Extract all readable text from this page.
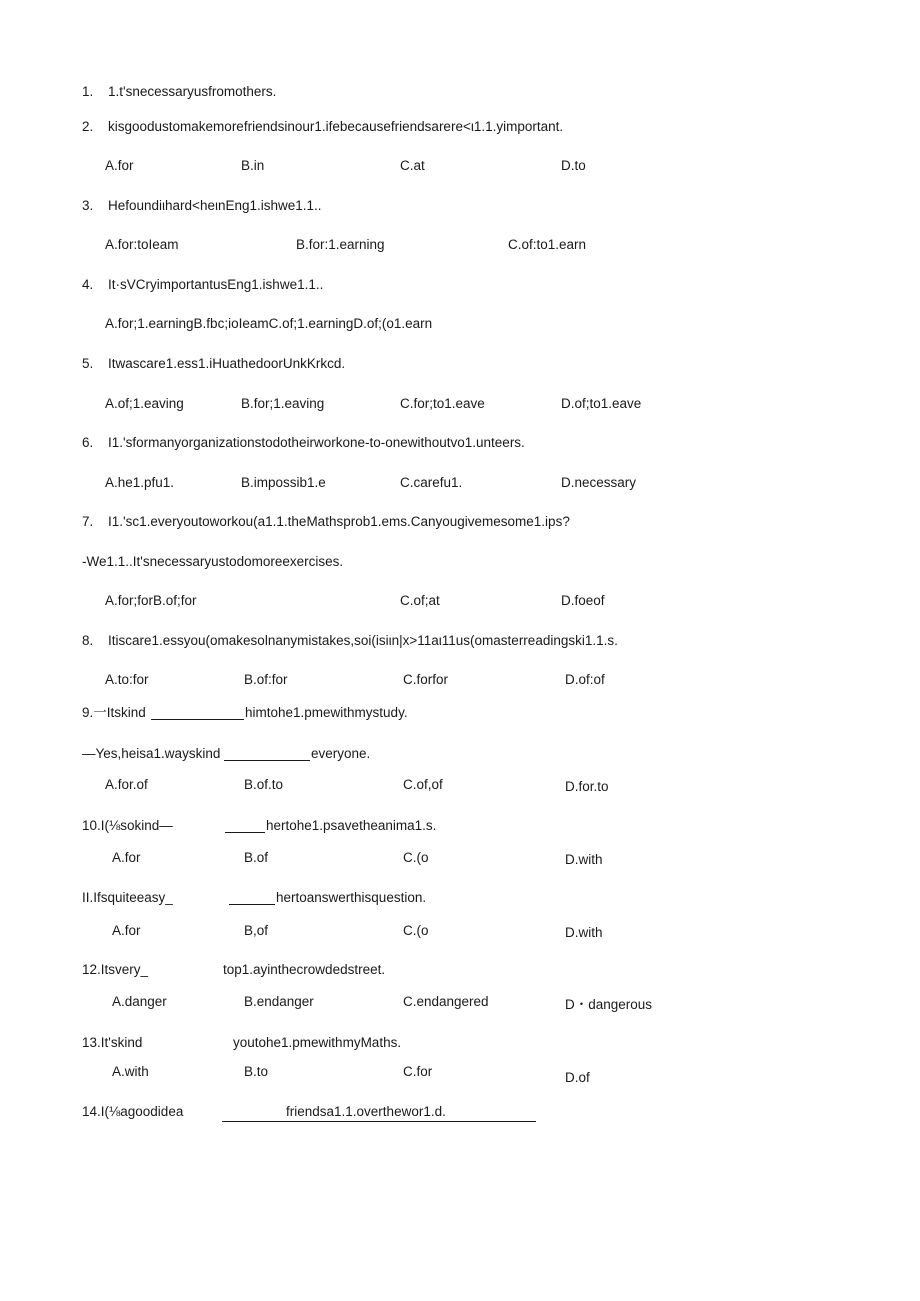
1. 1.t'snecessaryusfromothers.
2. kisgoodustomakemorefriendsinour1.ifebecausefriendsarere<ι1.1.yimportant.
A.for	B.in	C.at	D.to
3. Hefoundiιhard<heιnEng1.ishwe1.1..
A.for:toIeam	B.for:1.earning	C.of:to1.earn
4. It·sVCryimportantusEng1.ishwe1.1..
A.for;1.earningB.fbc;ioIeamC.of;1.earningD.of;(o1.earn
5. Itwascare1.ess1.iHuathedoorUnkKrkcd.
A.of;1.eaving	B.for;1.eaving	C.for;to1.eave	D.of;to1.eave
6. I1.'sformanyorganizationstodotheirworkone-to-onewithoutvo1.unteers.
A.he1.pfu1.	B.impossib1.e	C.carefu1.	D.necessary
7. I1.'sc1.everyoutoworkou(a1.1.theMathsprob1.ems.Canyougivemesome1.ips?
-We1.1..It'snecessaryustodomoreexercises.
A.for;forB.of;for	C.of;at	D.foeof
8. Itiscare1.essyou(omakesolnanymistakes,soi(isiιn|x>11aι11us(omasterreadingski1.1.s.
A.to:for	B.of:for	C.forfor	D.of:of
9.一Itskind	himtohe1.pmewithmystudy.
—Yes,heisa1.wayskind	everyone.
A.for.of	B.of.to	C.of,of	D.for.to
10.I(⅛sokind—	hertohe1.psavetheanima1.s.
A.for	B.of	C.(o	D.with
II.Ifsquiteeasy_	hertoanswerthisquestion.
A.for	B,of	C.(o	D.with
12.Itsvery_	top1.ayinthecrowdedstreet.
A.danger	B.endanger	C.endangered	D・dangerous
13.It'skind	youtohe1.pmewithmyMaths.
A.with	B.to	C.for	D.of
14.I(⅛agoodidea	friendsa1.1.overthewor1.d.
